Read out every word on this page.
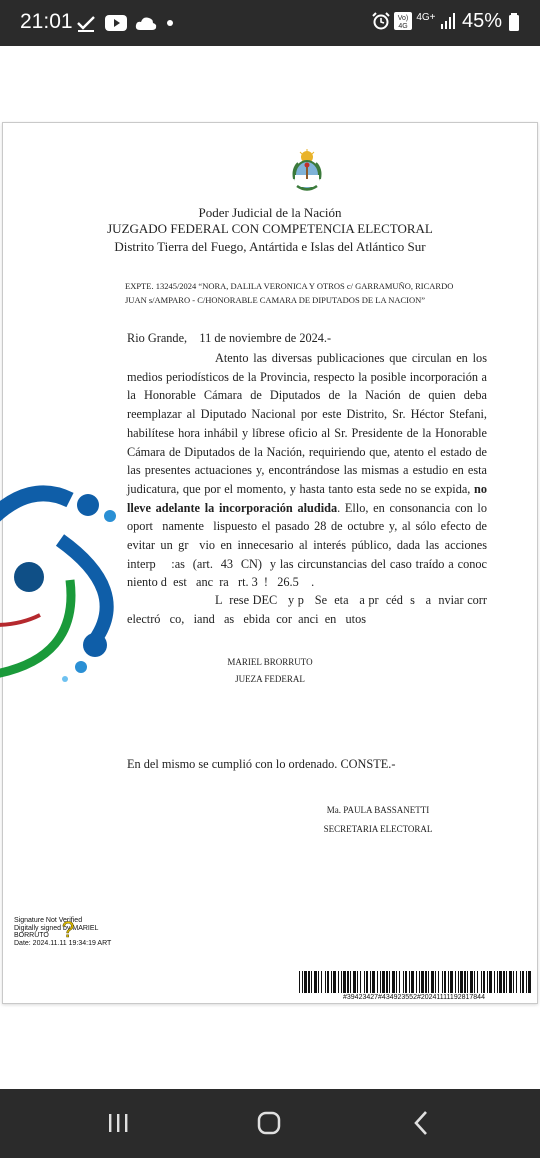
21:01

	Vo)
4G
$^{4G+}$	45%
Poder Judicial de la Nación
JUZGADO FEDERAL CON COMPETENCIA ELECTORAL
Distrito Tierra del Fuego, Antártida e Islas del Atlántico Sur
EXPTE. 13245/2024 “NORA, DALILA VERONICA Y OTROS c/ GARRAMUÑO, RICARDO
JUAN s/AMPARO - C/HONORABLE CAMARA DE DIPUTADOS DE LA NACION”
Rio Grande,    11 de noviembre de 2024.-
Atento las diversas publicaciones que circulan en los medios periodísticos de la Provincia, respecto la posible incorporación a la Honorable Cámara de Diputados de la Nación de quien deba reemplazar al Diputado Nacional por este Distrito, Sr. Héctor Stefani, habilítese hora inhábil y líbrese oficio al Sr. Presidente de la Honorable Cámara de Diputados de la Nación, requiriendo que, atento el estado de las presentes actuaciones y, encontrándose las mismas a estudio en esta judicatura, que por el momento, y hasta tanto esta sede no se expida, no lleve adelante la incorporación aludida. Ello, en consonancia con lo oport  namente  lispuesto el pasado 28 de octubre y, al sólo efecto de evitar un gr  vio en innecesario al interés público, dada las acciones interp    :as  (art.  43  CN)  y las circunstancias del caso traído a conoc  niento d  est   anc  ra   rt. 3  !   26.5    .
L  rese DEC   y p   Se  eta   a pr  céd  s   a  nviar corr   electró   co,   iand   as   ebida  cor  anci  en   utos
MARIEL BRORRUTO
JUEZA FEDERAL
En del mismo se cumplió con lo ordenado. CONSTE.-
Ma. PAULA BASSANETTI
SECRETARIA ELECTORAL
Signature Not Verified
Digitally signed by MARIEL
BORRUTO
Date: 2024.11.11 19:34:19 ART
?
#39423427#434923552#20241111192817844
